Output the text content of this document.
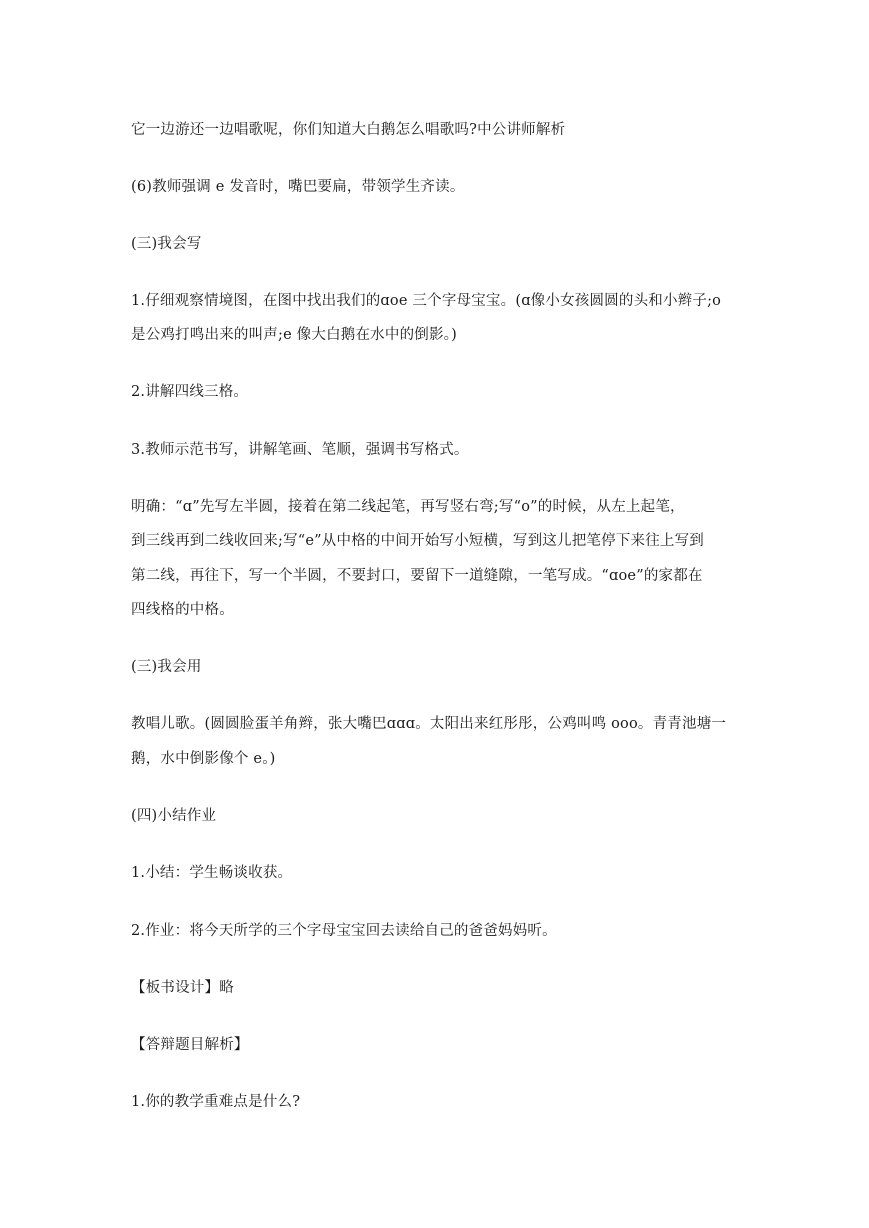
它一边游还一边唱歌呢，你们知道大白鹅怎么唱歌吗?中公讲师解析
(6)教师强调 e 发音时，嘴巴要扁，带领学生齐读。
(三)我会写
1.仔细观察情境图，在图中找出我们的ɑoe 三个字母宝宝。(ɑ像小女孩圆圆的头和小辫子;o
是公鸡打鸣出来的叫声;e 像大白鹅在水中的倒影。)
2.讲解四线三格。
3.教师示范书写，讲解笔画、笔顺，强调书写格式。
明确：“ɑ”先写左半圆，接着在第二线起笔，再写竖右弯;写“o”的时候，从左上起笔，
到三线再到二线收回来;写“e”从中格的中间开始写小短横，写到这儿把笔停下来往上写到
第二线，再往下，写一个半圆，不要封口，要留下一道缝隙，一笔写成。“ɑoe”的家都在
四线格的中格。
(三)我会用
教唱儿歌。(圆圆脸蛋羊角辫，张大嘴巴ɑɑɑ。太阳出来红彤彤，公鸡叫鸣 ooo。青青池塘一
鹅，水中倒影像个 e。)
(四)小结作业
1.小结：学生畅谈收获。
2.作业：将今天所学的三个字母宝宝回去读给自己的爸爸妈妈听。
【板书设计】略
【答辩题目解析】
1.你的教学重难点是什么?
